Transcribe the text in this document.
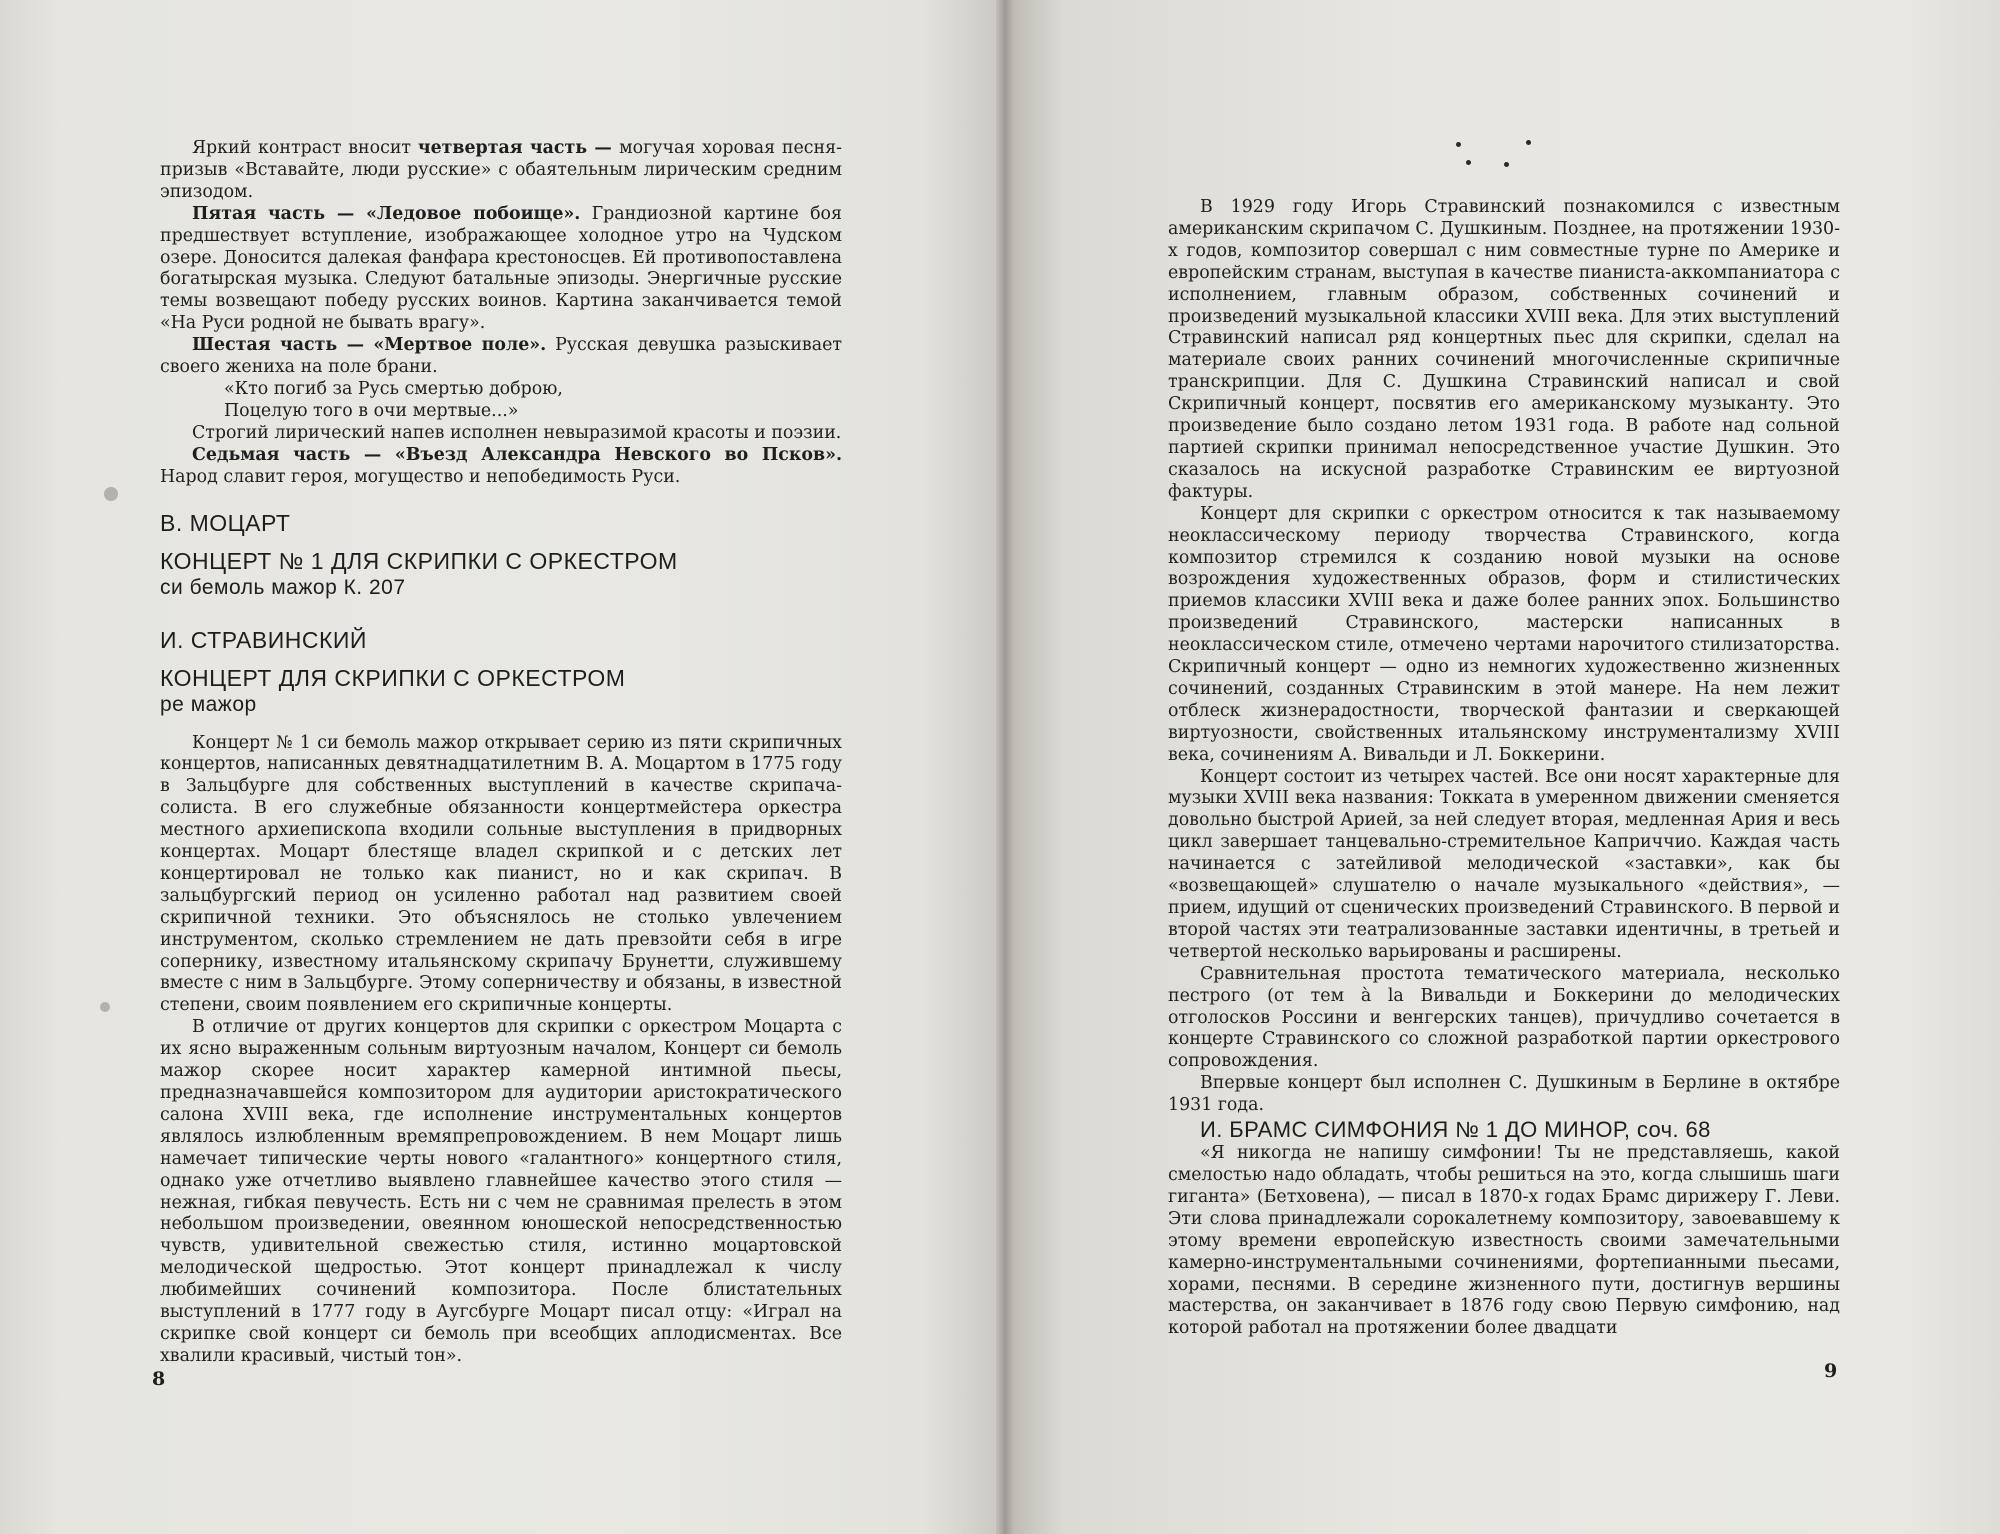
Яркий контраст вносит четвертая часть — могучая хоровая песня-призыв «Вставайте, люди русские» с обаятельным лирическим средним эпизодом.

Пятая часть — «Ледовое побоище». Грандиозной картине боя предшествует вступление, изображающее холодное утро на Чудском озере. Доносится далекая фанфара крестоносцев. Ей противопоставлена богатырская музыка. Следуют батальные эпизоды. Энергичные русские темы возвещают победу русских воинов. Картина заканчивается темой «На Руси родной не бывать врагу».

Шестая часть — «Мертвое поле». Русская девушка разыскивает своего жениха на поле брани.

«Кто погиб за Русь смертью доброю,

Поцелую того в очи мертвые...»

Строгий лирический напев исполнен невыразимой красоты и поэзии.

Седьмая часть — «Въезд Александра Невского во Псков». Народ славит героя, могущество и непобедимость Руси.

В. МОЦАРТ

КОНЦЕРТ № 1 ДЛЯ СКРИПКИ С ОРКЕСТРОМ

си бемоль мажор К. 207

И. СТРАВИНСКИЙ

КОНЦЕРТ ДЛЯ СКРИПКИ С ОРКЕСТРОМ

ре мажор

Концерт № 1 си бемоль мажор открывает серию из пяти скрипичных концертов, написанных девятнадцатилетним В. А. Моцартом в 1775 году в Зальцбурге для собственных выступлений в качестве скрипача-солиста. В его служебные обязанности концертмейстера оркестра местного архиепископа входили сольные выступления в придворных концертах. Моцарт блестяще владел скрипкой и с детских лет концертировал не только как пианист, но и как скрипач. В зальцбургский период он усиленно работал над развитием своей скрипичной техники. Это объяснялось не столько увлечением инструментом, сколько стремлением не дать превзойти себя в игре сопернику, известному итальянскому скрипачу Брунетти, служившему вместе с ним в Зальцбурге. Этому соперничеству и обязаны, в известной степени, своим появлением его скрипичные концерты.

В отличие от других концертов для скрипки с оркестром Моцарта с их ясно выраженным сольным виртуозным началом, Концерт си бемоль мажор скорее носит характер камерной интимной пьесы, предназначавшейся композитором для аудитории аристократического салона XVIII века, где исполнение инструментальных концертов являлось излюбленным времяпрепровождением. В нем Моцарт лишь намечает типические черты нового «галантного» концертного стиля, однако уже отчетливо выявлено главнейшее качество этого стиля — нежная, гибкая певучесть. Есть ни с чем не сравнимая прелесть в этом небольшом произведении, овеянном юношеской непосредственностью чувств, удивительной свежестью стиля, истинно моцартовской мелодической щедростью. Этот концерт принадлежал к числу любимейших сочинений композитора. После блистательных выступлений в 1777 году в Аугсбурге Моцарт писал отцу: «Играл на скрипке свой концерт си бемоль при всеобщих аплодисментах. Все хвалили красивый, чистый тон».

8

В 1929 году Игорь Стравинский познакомился с известным американским скрипачом С. Душкиным. Позднее, на протяжении 1930-х годов, композитор совершал с ним совместные турне по Америке и европейским странам, выступая в качестве пианиста-аккомпаниатора с исполнением, главным образом, собственных сочинений и произведений музыкальной классики XVIII века. Для этих выступлений Стравинский написал ряд концертных пьес для скрипки, сделал на материале своих ранних сочинений многочисленные скрипичные транскрипции. Для С. Душкина Стравинский написал и свой Скрипичный концерт, посвятив его американскому музыканту. Это произведение было создано летом 1931 года. В работе над сольной партией скрипки принимал непосредственное участие Душкин. Это сказалось на искусной разработке Стравинским ее виртуозной фактуры.

Концерт для скрипки с оркестром относится к так называемому неоклассическому периоду творчества Стравинского, когда композитор стремился к созданию новой музыки на основе возрождения художественных образов, форм и стилистических приемов классики XVIII века и даже более ранних эпох. Большинство произведений Стравинского, мастерски написанных в неоклассическом стиле, отмечено чертами нарочитого стилизаторства. Скрипичный концерт — одно из немногих художественно жизненных сочинений, созданных Стравинским в этой манере. На нем лежит отблеск жизнерадостности, творческой фантазии и сверкающей виртуозности, свойственных итальянскому инструментализму XVIII века, сочинениям А. Вивальди и Л. Боккерини.

Концерт состоит из четырех частей. Все они носят характерные для музыки XVIII века названия: Токката в умеренном движении сменяется довольно быстрой Арией, за ней следует вторая, медленная Ария и весь цикл завершает танцевально-стремительное Каприччио. Каждая часть начинается с затейливой мелодической «заставки», как бы «возвещающей» слушателю о начале музыкального «действия», — прием, идущий от сценических произведений Стравинского. В первой и второй частях эти театрализованные заставки идентичны, в третьей и четвертой несколько варьированы и расширены.

Сравнительная простота тематического материала, несколько пестрого (от тем à la Вивальди и Боккерини до мелодических отголосков Россини и венгерских танцев), причудливо сочетается в концерте Стравинского со сложной разработкой партии оркестрового сопровождения.

Впервые концерт был исполнен С. Душкиным в Берлине в октябре 1931 года.

И. БРАМС СИМФОНИЯ № 1 ДО МИНОР, соч. 68

«Я никогда не напишу симфонии! Ты не представляешь, какой смелостью надо обладать, чтобы решиться на это, когда слышишь шаги гиганта» (Бетховена), — писал в 1870-х годах Брамс дирижеру Г. Леви. Эти слова принадлежали сорокалетнему композитору, завоевавшему к этому времени европейскую известность своими замечательными камерно-инструментальными сочинениями, фортепианными пьесами, хорами, песнями. В середине жизненного пути, достигнув вершины мастерства, он заканчивает в 1876 году свою Первую симфонию, над которой работал на протяжении более двадцати

9
